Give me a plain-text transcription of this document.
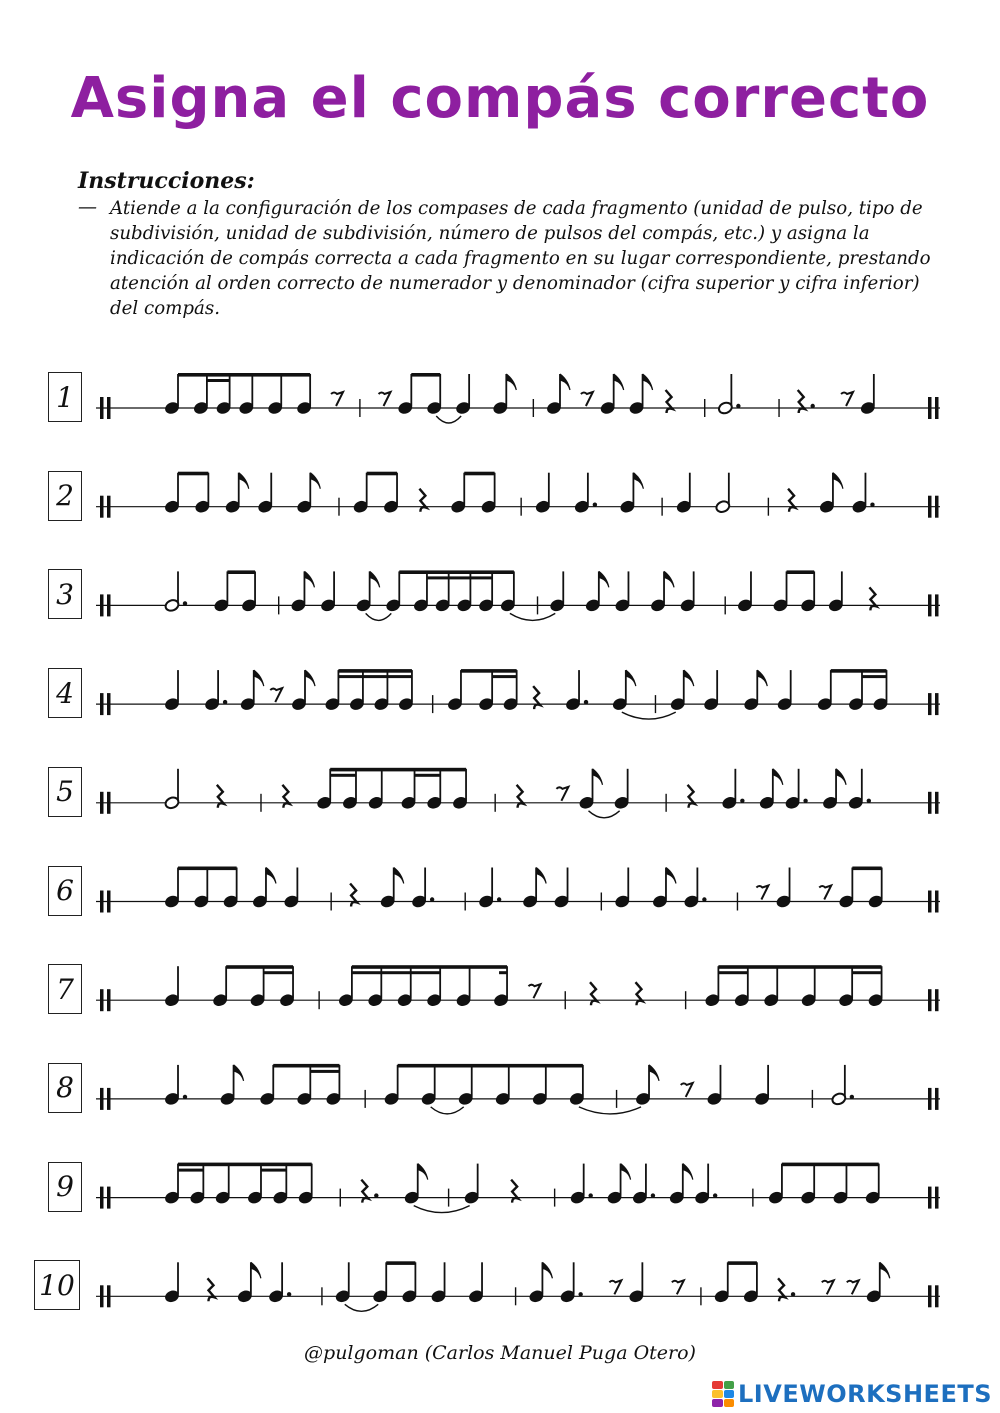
Asigna el compás correcto
Instrucciones:
— Atiende a la configuración de los compases de cada fragmento (unidad de pulso, tipo de subdivisión, unidad de subdivisión, número de pulsos del compás, etc.) y asigna la indicación de compás correcta a cada fragmento en su lugar correspondiente, prestando atención al orden correcto de numerador y denominador (cifra superior y cifra inferior) del compás.
1
2
3
4
5
6
7
8
9
10
@pulgoman (Carlos Manuel Puga Otero)
LIVEWORKSHEETS
